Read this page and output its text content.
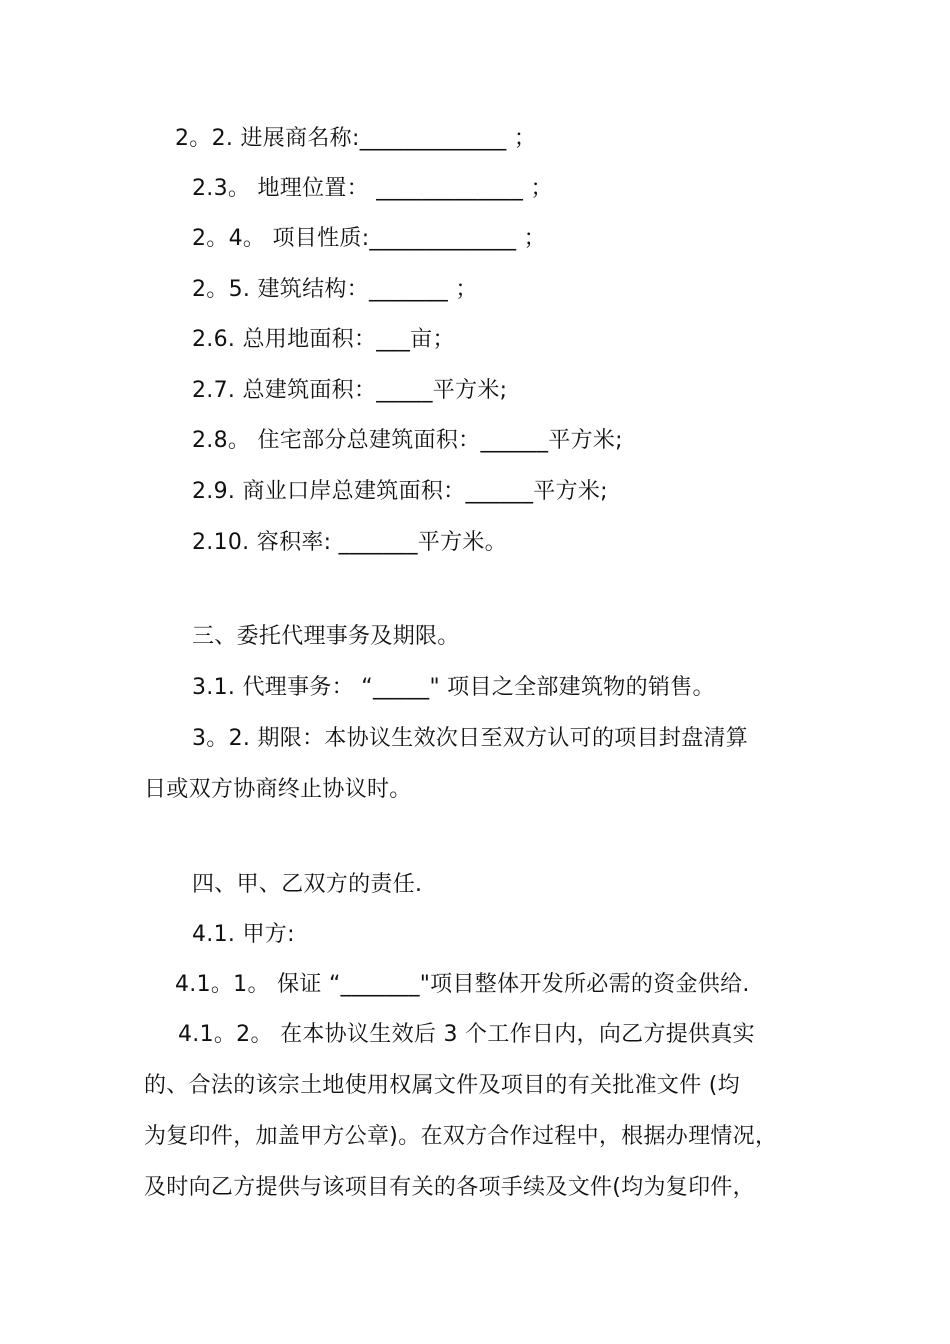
2。2. 进展商名称:_____________ ；
2.3。 地理位置： _____________ ；
2。4。 项目性质:_____________ ；
2。5. 建筑结构：_______ ；
2.6. 总用地面积：___亩；
2.7. 总建筑面积：_____平方米;
2.8。 住宅部分总建筑面积：______平方米;
2.9. 商业口岸总建筑面积：______平方米;
2.10. 容积率: _______平方米。
三、委托代理事务及期限。
3.1. 代理事务： “_____" 项目之全部建筑物的销售。
3。2. 期限：本协议生效次日至双方认可的项目封盘清算
日或双方协商终止协议时。
四、甲、乙双方的责任.
4.1. 甲方:
4.1。1。 保证 “_______"项目整体开发所必需的资金供给.
4.1。2。 在本协议生效后 3 个工作日内，向乙方提供真实
的、合法的该宗土地使用权属文件及项目的有关批准文件 (均
为复印件，加盖甲方公章)。在双方合作过程中，根据办理情况，
及时向乙方提供与该项目有关的各项手续及文件(均为复印件，
